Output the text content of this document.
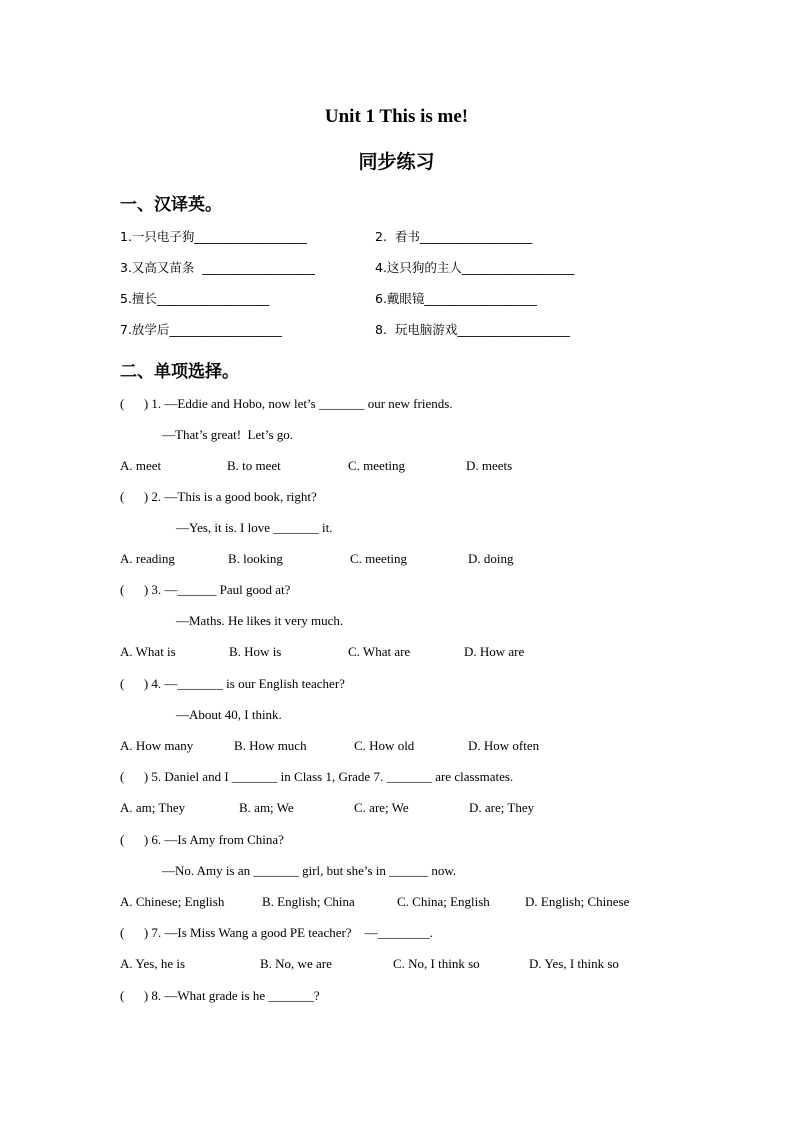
Unit 1 This is me!
同步练习
一、汉译英。
1.一只电子狗__________________	2.  看书__________________
3.又高又苗条  __________________	4.这只狗的主人__________________
5.擅长__________________	6.戴眼镜__________________
7.放学后__________________	8.  玩电脑游戏__________________
二、单项选择。
(      ) 1. —Eddie and Hobo, now let’s _______ our new friends.
—That’s great!  Let’s go.
A. meet	B. to meet	C. meeting	D. meets
(      ) 2. —This is a good book, right?
—Yes, it is. I love _______ it.
A. reading	B. looking	C. meeting	D. doing
(      ) 3. —______ Paul good at?
—Maths. He likes it very much.
A. What is	B. How is	C. What are	D. How are
(      ) 4. —_______ is our English teacher?
—About 40, I think.
A. How many	B. How much	C. How old	D. How often
(      ) 5. Daniel and I _______ in Class 1, Grade 7. _______ are classmates.
A. am; They	B. am; We	C. are; We	D. are; They
(      ) 6. —Is Amy from China?
—No. Amy is an _______ girl, but she’s in ______ now.
A. Chinese; English	B. English; China	C. China; English	D. English; Chinese
(      ) 7. —Is Miss Wang a good PE teacher?    —________.
A. Yes, he is	B. No, we are	C. No, I think so	D. Yes, I think so
(      ) 8. —What grade is he _______?
